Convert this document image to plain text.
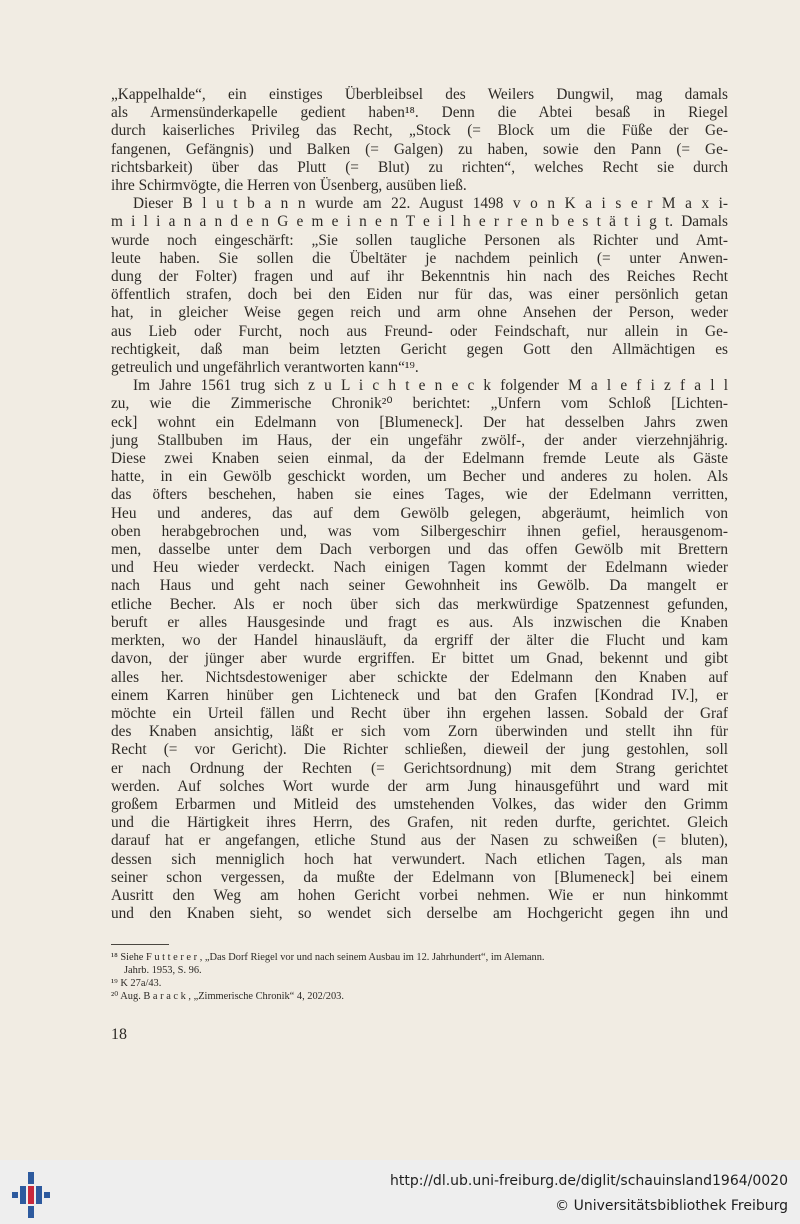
„Kappelhalde“, ein einstiges Überbleibsel des Weilers Dungwil, mag damals
als Armensünderkapelle gedient haben¹⁸. Denn die Abtei besaß in Riegel
durch kaiserliches Privileg das Recht, „Stock (= Block um die Füße der Ge-
fangenen, Gefängnis) und Balken (= Galgen) zu haben, sowie den Pann (= Ge-
richtsbarkeit) über das Plutt (= Blut) zu richten“, welches Recht sie durch
ihre Schirmvögte, die Herren von Üsenberg, ausüben ließ.
Dieser B l u t b a n n wurde am 22. August 1498 v o n K a i s e r M a x i-
m i l i a n a n d e n G e m e i n e n T e i l h e r r e n b e s t ä t i g t. Damals
wurde noch eingeschärft: „Sie sollen taugliche Personen als Richter und Amt-
leute haben. Sie sollen die Übeltäter je nachdem peinlich (= unter Anwen-
dung der Folter) fragen und auf ihr Bekenntnis hin nach des Reiches Recht
öffentlich strafen, doch bei den Eiden nur für das, was einer persönlich getan
hat, in gleicher Weise gegen reich und arm ohne Ansehen der Person, weder
aus Lieb oder Furcht, noch aus Freund- oder Feindschaft, nur allein in Ge-
rechtigkeit, daß man beim letzten Gericht gegen Gott den Allmächtigen es
getreulich und ungefährlich verantworten kann“¹⁹.
Im Jahre 1561 trug sich z u L i c h t e n e c k folgender M a l e f i z f a l l
zu, wie die Zimmerische Chronik²⁰ berichtet: „Unfern vom Schloß [Lichten-
eck] wohnt ein Edelmann von [Blumeneck]. Der hat desselben Jahrs zwen
jung Stallbuben im Haus, der ein ungefähr zwölf-, der ander vierzehnjährig.
Diese zwei Knaben seien einmal, da der Edelmann fremde Leute als Gäste
hatte, in ein Gewölb geschickt worden, um Becher und anderes zu holen. Als
das öfters beschehen, haben sie eines Tages, wie der Edelmann verritten,
Heu und anderes, das auf dem Gewölb gelegen, abgeräumt, heimlich von
oben herabgebrochen und, was vom Silbergeschirr ihnen gefiel, herausgenom-
men, dasselbe unter dem Dach verborgen und das offen Gewölb mit Brettern
und Heu wieder verdeckt. Nach einigen Tagen kommt der Edelmann wieder
nach Haus und geht nach seiner Gewohnheit ins Gewölb. Da mangelt er
etliche Becher. Als er noch über sich das merkwürdige Spatzennest gefunden,
beruft er alles Hausgesinde und fragt es aus. Als inzwischen die Knaben
merkten, wo der Handel hinausläuft, da ergriff der älter die Flucht und kam
davon, der jünger aber wurde ergriffen. Er bittet um Gnad, bekennt und gibt
alles her. Nichtsdestoweniger aber schickte der Edelmann den Knaben auf
einem Karren hinüber gen Lichteneck und bat den Grafen [Kondrad IV.], er
möchte ein Urteil fällen und Recht über ihn ergehen lassen. Sobald der Graf
des Knaben ansichtig, läßt er sich vom Zorn überwinden und stellt ihn für
Recht (= vor Gericht). Die Richter schließen, dieweil der jung gestohlen, soll
er nach Ordnung der Rechten (= Gerichtsordnung) mit dem Strang gerichtet
werden. Auf solches Wort wurde der arm Jung hinausgeführt und ward mit
großem Erbarmen und Mitleid des umstehenden Volkes, das wider den Grimm
und die Härtigkeit ihres Herrn, des Grafen, nit reden durfte, gerichtet. Gleich
darauf hat er angefangen, etliche Stund aus der Nasen zu schweißen (= bluten),
dessen sich menniglich hoch hat verwundert. Nach etlichen Tagen, als man
seiner schon vergessen, da mußte der Edelmann von [Blumeneck] bei einem
Ausritt den Weg am hohen Gericht vorbei nehmen. Wie er nun hinkommt
und den Knaben sieht, so wendet sich derselbe am Hochgericht gegen ihn und
¹⁸ Siehe F u t t e r e r , „Das Dorf Riegel vor und nach seinem Ausbau im 12. Jahrhundert“, im Alemann.
Jahrb. 1953, S. 96.
¹⁹ K 27a/43.
²⁰ Aug. B a r a c k , „Zimmerische Chronik“ 4, 202/203.
18
http://dl.ub.uni-freiburg.de/diglit/schauinsland1964/0020
© Universitätsbibliothek Freiburg
